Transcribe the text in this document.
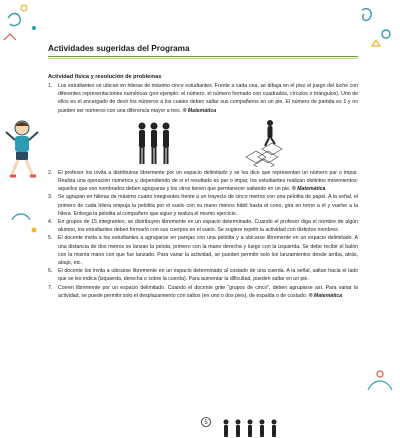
Actividades sugeridas del Programa
Actividad física y resolución de problemas
1. Los estudiantes se ubican en hileras de máximo cinco estudiantes. Frente a cada una, se dibuja en el piso el juego del luche con diferentes representaciones numéricas (por ejemplo: el número, el número formado con cuadrados, círculos o triángulos). Uno de ellos es el encargado de decir los números a los cuales deben saltar sus compañeros en un pie. El número de partida es 1 y no pueden ser números con una diferencia mayor a tres. ® Matemática
2. El profesor los invita a distribuirse libremente por un espacio delimitado y se les dice que representan un número par o impar. Realiza una operación numérica y, dependiendo de si el resultado es par o impar, los estudiantes realizan distintos movimientos: aquellos que son nombrados deben agruparse y los otros tienen que permanecer saltando en un pie. ® Matemática
3. Se agrupan en hileras de máximo cuatro integrantes frente a un trayecto de cinco metros con una pelotita de papel. A la señal, el primero de cada hilera empuja la pelotita por el suelo con su mano menos hábil hasta el cono, gira en torno a él y vuelve a la hilera. Entrega la pelotita al compañero que sigue y realiza el mismo ejercicio.
4. En grupos de 15 integrantes, se distribuyen libremente en un espacio determinado. Cuando el profesor diga el nombre de algún alumno, los estudiantes deben formarlo con sus cuerpos en el suelo. Se sugiere repetir la actividad con distintos nombres.
5. El docente invita a los estudiantes a agruparse en parejas con una pelotita y a ubicarse libremente en un espacio delimitado. A una distancia de dos metros se lanzan la pelota, primero con la mano derecha y luego con la izquierda. Se debe recibir el balón con la misma mano con que fue lanzado. Para variar la actividad, se pueden permitir solo los lanzamientos desde arriba, atrás, abajo, etc.
6. El docente los invita a ubicarse libremente en un espacio determinado al costado de una cuerda. A la señal, saltan hacia el lado que se les indica (izquierda, derecha o sobre la cuerda). Para aumentar la dificultad, pueden saltar en un pie.
7. Corren libremente por un espacio delimitado. Cuando el docente grite “grupos de cinco”, deben agruparse así. Para variar la actividad, se puede permitir solo el desplazamiento con saltos (en uno o dos pies), de espalda o de costado. ® Matemática
5
